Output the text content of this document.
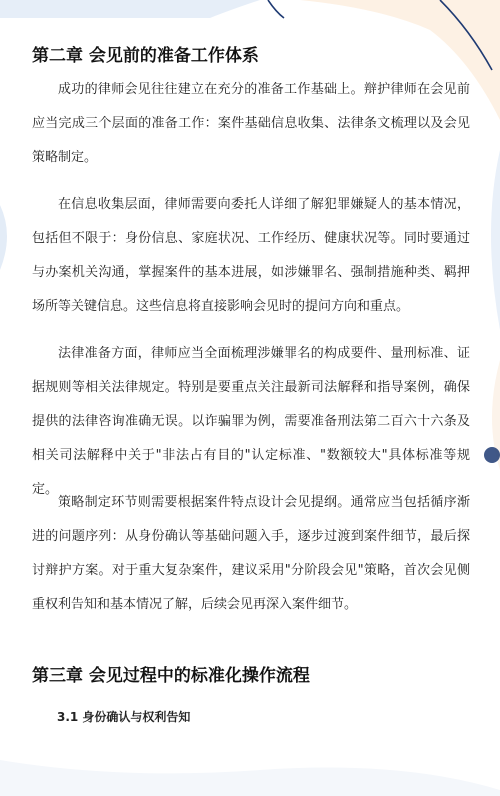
第二章 会见前的准备工作体系

成功的律师会见往往建立在充分的准备工作基础上。辩护律师在会见前应当完成三个层面的准备工作：案件基础信息收集、法律条文梳理以及会见策略制定。

在信息收集层面，律师需要向委托人详细了解犯罪嫌疑人的基本情况，包括但不限于：身份信息、家庭状况、工作经历、健康状况等。同时要通过与办案机关沟通，掌握案件的基本进展，如涉嫌罪名、强制措施种类、羁押场所等关键信息。这些信息将直接影响会见时的提问方向和重点。

法律准备方面，律师应当全面梳理涉嫌罪名的构成要件、量刑标准、证据规则等相关法律规定。特别是要重点关注最新司法解释和指导案例，确保提供的法律咨询准确无误。以诈骗罪为例，需要准备刑法第二百六十六条及相关司法解释中关于"非法占有目的"认定标准、"数额较大"具体标准等规定。

策略制定环节则需要根据案件特点设计会见提纲。通常应当包括循序渐进的问题序列：从身份确认等基础问题入手，逐步过渡到案件细节，最后探讨辩护方案。对于重大复杂案件，建议采用"分阶段会见"策略，首次会见侧重权利告知和基本情况了解，后续会见再深入案件细节。

第三章 会见过程中的标准化操作流程
3.1 身份确认与权利告知
